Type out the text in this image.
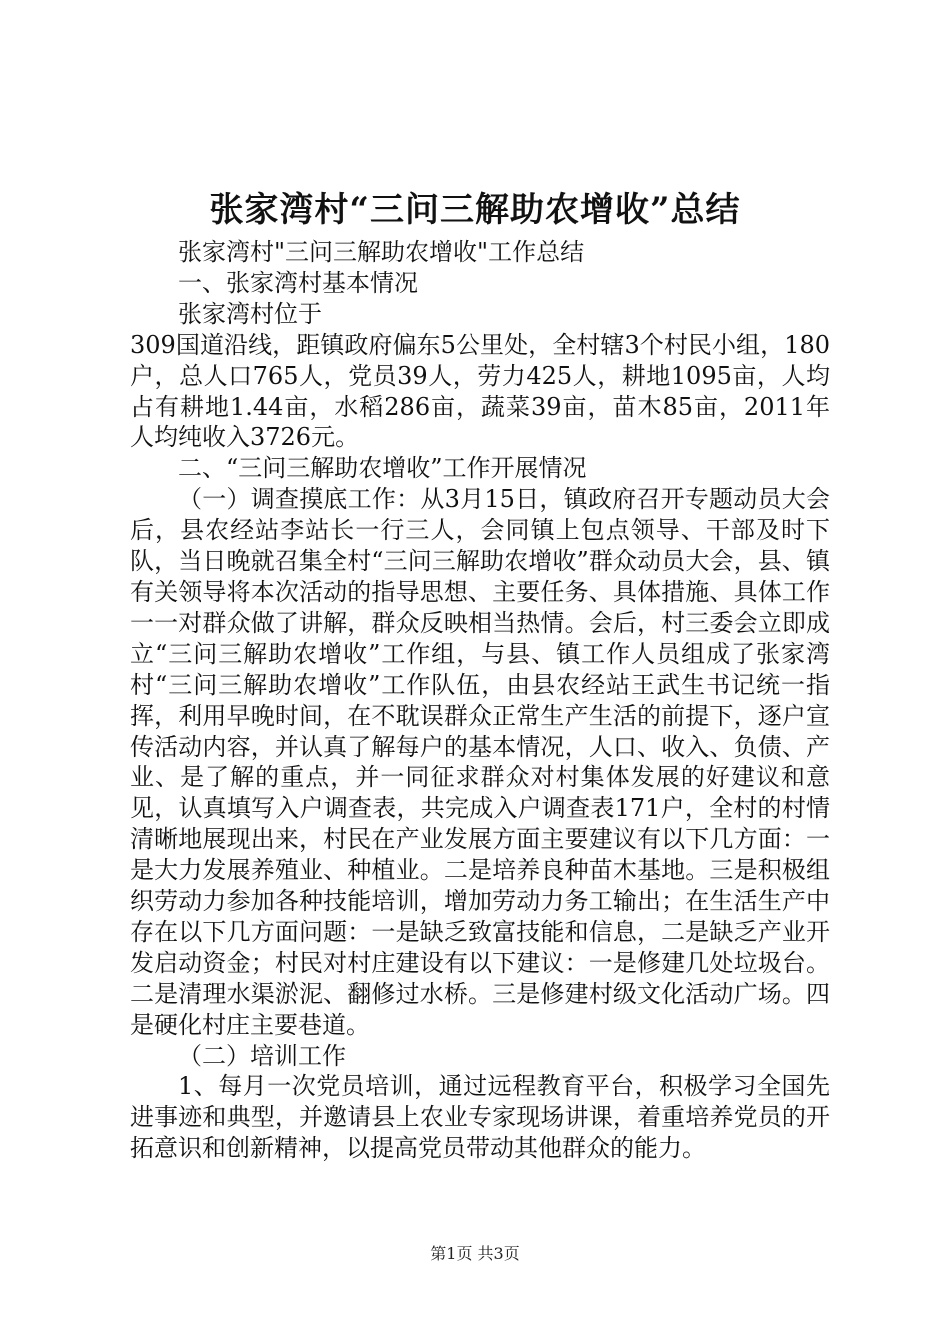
张家湾村“三问三解助农增收”总结

张家湾村"三问三解助农增收"工作总结

一、张家湾村基本情况

张家湾村位于

309国道沿线，距镇政府偏东5公里处，全村辖3个村民小组，180户，总人口765人，党员39人，劳力425人，耕地1095亩，人均占有耕地1.44亩，水稻286亩，蔬菜39亩，苗木85亩，2011年人均纯收入3726元。

二、“三问三解助农增收”工作开展情况

（一）调查摸底工作：从3月15日，镇政府召开专题动员大会后，县农经站李站长一行三人，会同镇上包点领导、干部及时下队，当日晚就召集全村“三问三解助农增收”群众动员大会，县、镇有关领导将本次活动的指导思想、主要任务、具体措施、具体工作一一对群众做了讲解，群众反映相当热情。会后，村三委会立即成立“三问三解助农增收”工作组，与县、镇工作人员组成了张家湾村“三问三解助农增收”工作队伍，由县农经站王武生书记统一指挥，利用早晚时间，在不耽误群众正常生产生活的前提下，逐户宣传活动内容，并认真了解每户的基本情况，人口、收入、负债、产业、是了解的重点，并一同征求群众对村集体发展的好建议和意见，认真填写入户调查表，共完成入户调查表171户，全村的村情清晰地展现出来，村民在产业发展方面主要建议有以下几方面：一是大力发展养殖业、种植业。二是培养良种苗木基地。三是积极组织劳动力参加各种技能培训，增加劳动力务工输出；在生活生产中存在以下几方面问题：一是缺乏致富技能和信息，二是缺乏产业开发启动资金；村民对村庄建设有以下建议：一是修建几处垃圾台。二是清理水渠淤泥、翻修过水桥。三是修建村级文化活动广场。四是硬化村庄主要巷道。

（二）培训工作

1、每月一次党员培训，通过远程教育平台，积极学习全国先进事迹和典型，并邀请县上农业专家现场讲课，着重培养党员的开拓意识和创新精神，以提高党员带动其他群众的能力。

第1页 共3页
